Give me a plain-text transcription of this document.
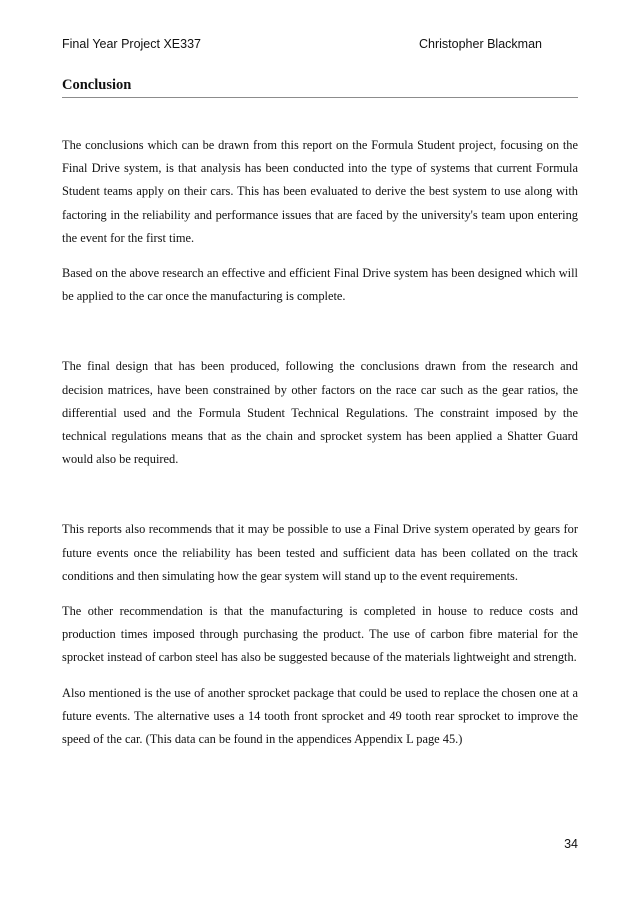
Final Year Project XE337	Christopher Blackman
Conclusion

The conclusions which can be drawn from this report on the Formula Student project, focusing on the Final Drive system, is that analysis has been conducted into the type of systems that current Formula Student teams apply on their cars. This has been evaluated to derive the best system to use along with factoring in the reliability and performance issues that are faced by the university's team upon entering the event for the first time.

Based on the above research an effective and efficient Final Drive system has been designed which will be applied to the car once the manufacturing is complete.

The final design that has been produced, following the conclusions drawn from the research and decision matrices, have been constrained by other factors on the race car such as the gear ratios, the differential used and the Formula Student Technical Regulations. The constraint imposed by the technical regulations means that as the chain and sprocket system has been applied a Shatter Guard would also be required.

This reports also recommends that it may be possible to use a Final Drive system operated by gears for future events once the reliability has been tested and sufficient data has been collated on the track conditions and then simulating how the gear system will stand up to the event requirements.

The other recommendation is that the manufacturing is completed in house to reduce costs and production times imposed through purchasing the product. The use of carbon fibre material for the sprocket instead of carbon steel has also be suggested because of the materials lightweight and strength.

Also mentioned is the use of another sprocket package that could be used to replace the chosen one at a future events. The alternative uses a 14 tooth front sprocket and 49 tooth rear sprocket to improve the speed of the car. (This data can be found in the appendices Appendix L page 45.)

34
